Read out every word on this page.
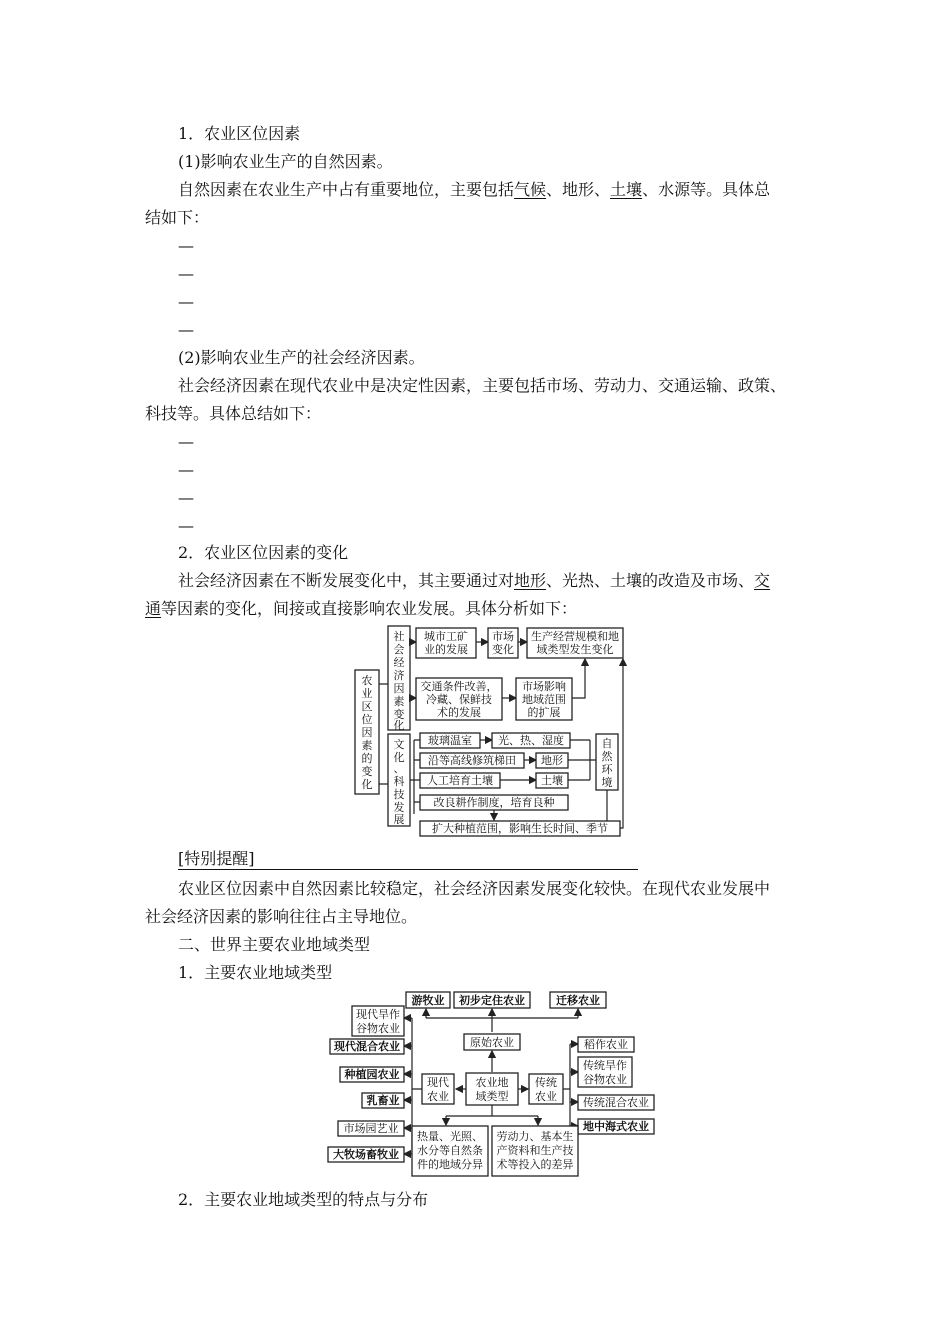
1．农业区位因素
(1)影响农业生产的自然因素。
自然因素在农业生产中占有重要地位，主要包括气候、地形、土壤、水源等。具体总
结如下：
—
—
—
—
(2)影响农业生产的社会经济因素。
社会经济因素在现代农业中是决定性因素，主要包括市场、劳动力、交通运输、政策、
科技等。具体总结如下：
—
—
—
—
2．农业区位因素的变化
社会经济因素在不断发展变化中，其主要通过对地形、光热、土壤的改造及市场、交
通等因素的变化，间接或直接影响农业发展。具体分析如下：
农业区位因素的变化
社会经济因素变化
文化、科技发展
城市工矿业的发展
市场变化
生产经营规模和地域类型发生变化
交通条件改善，冷藏、保鲜技术的发展
市场影响地域范围的扩展
玻璃温室 光、热、湿度
沿等高线修筑梯田 地形
人工培育土壤	土壤
改良耕作制度，培育良种
扩大种植范围，影响生长时间、季节
自然环境
[特别提醒]
农业区位因素中自然因素比较稳定，社会经济因素发展变化较快。在现代农业发展中
社会经济因素的影响往往占主导地位。
二、世界主要农业地域类型
1．主要农业地域类型
游牧业 初步定住农业	迁移农业
原始农业
农业地域类型
现代农业
现代旱作谷物农业
现代混合农业
种植园农业
乳畜业
市场园艺业
大牧场畜牧业
传统农业
稻作农业
传统旱作谷物农业
传统混合农业
地中海式农业
热量、光照、水分等自然条件的地域分异
劳动力、基本生产资料和生产技术等投入的差异
2．主要农业地域类型的特点与分布
